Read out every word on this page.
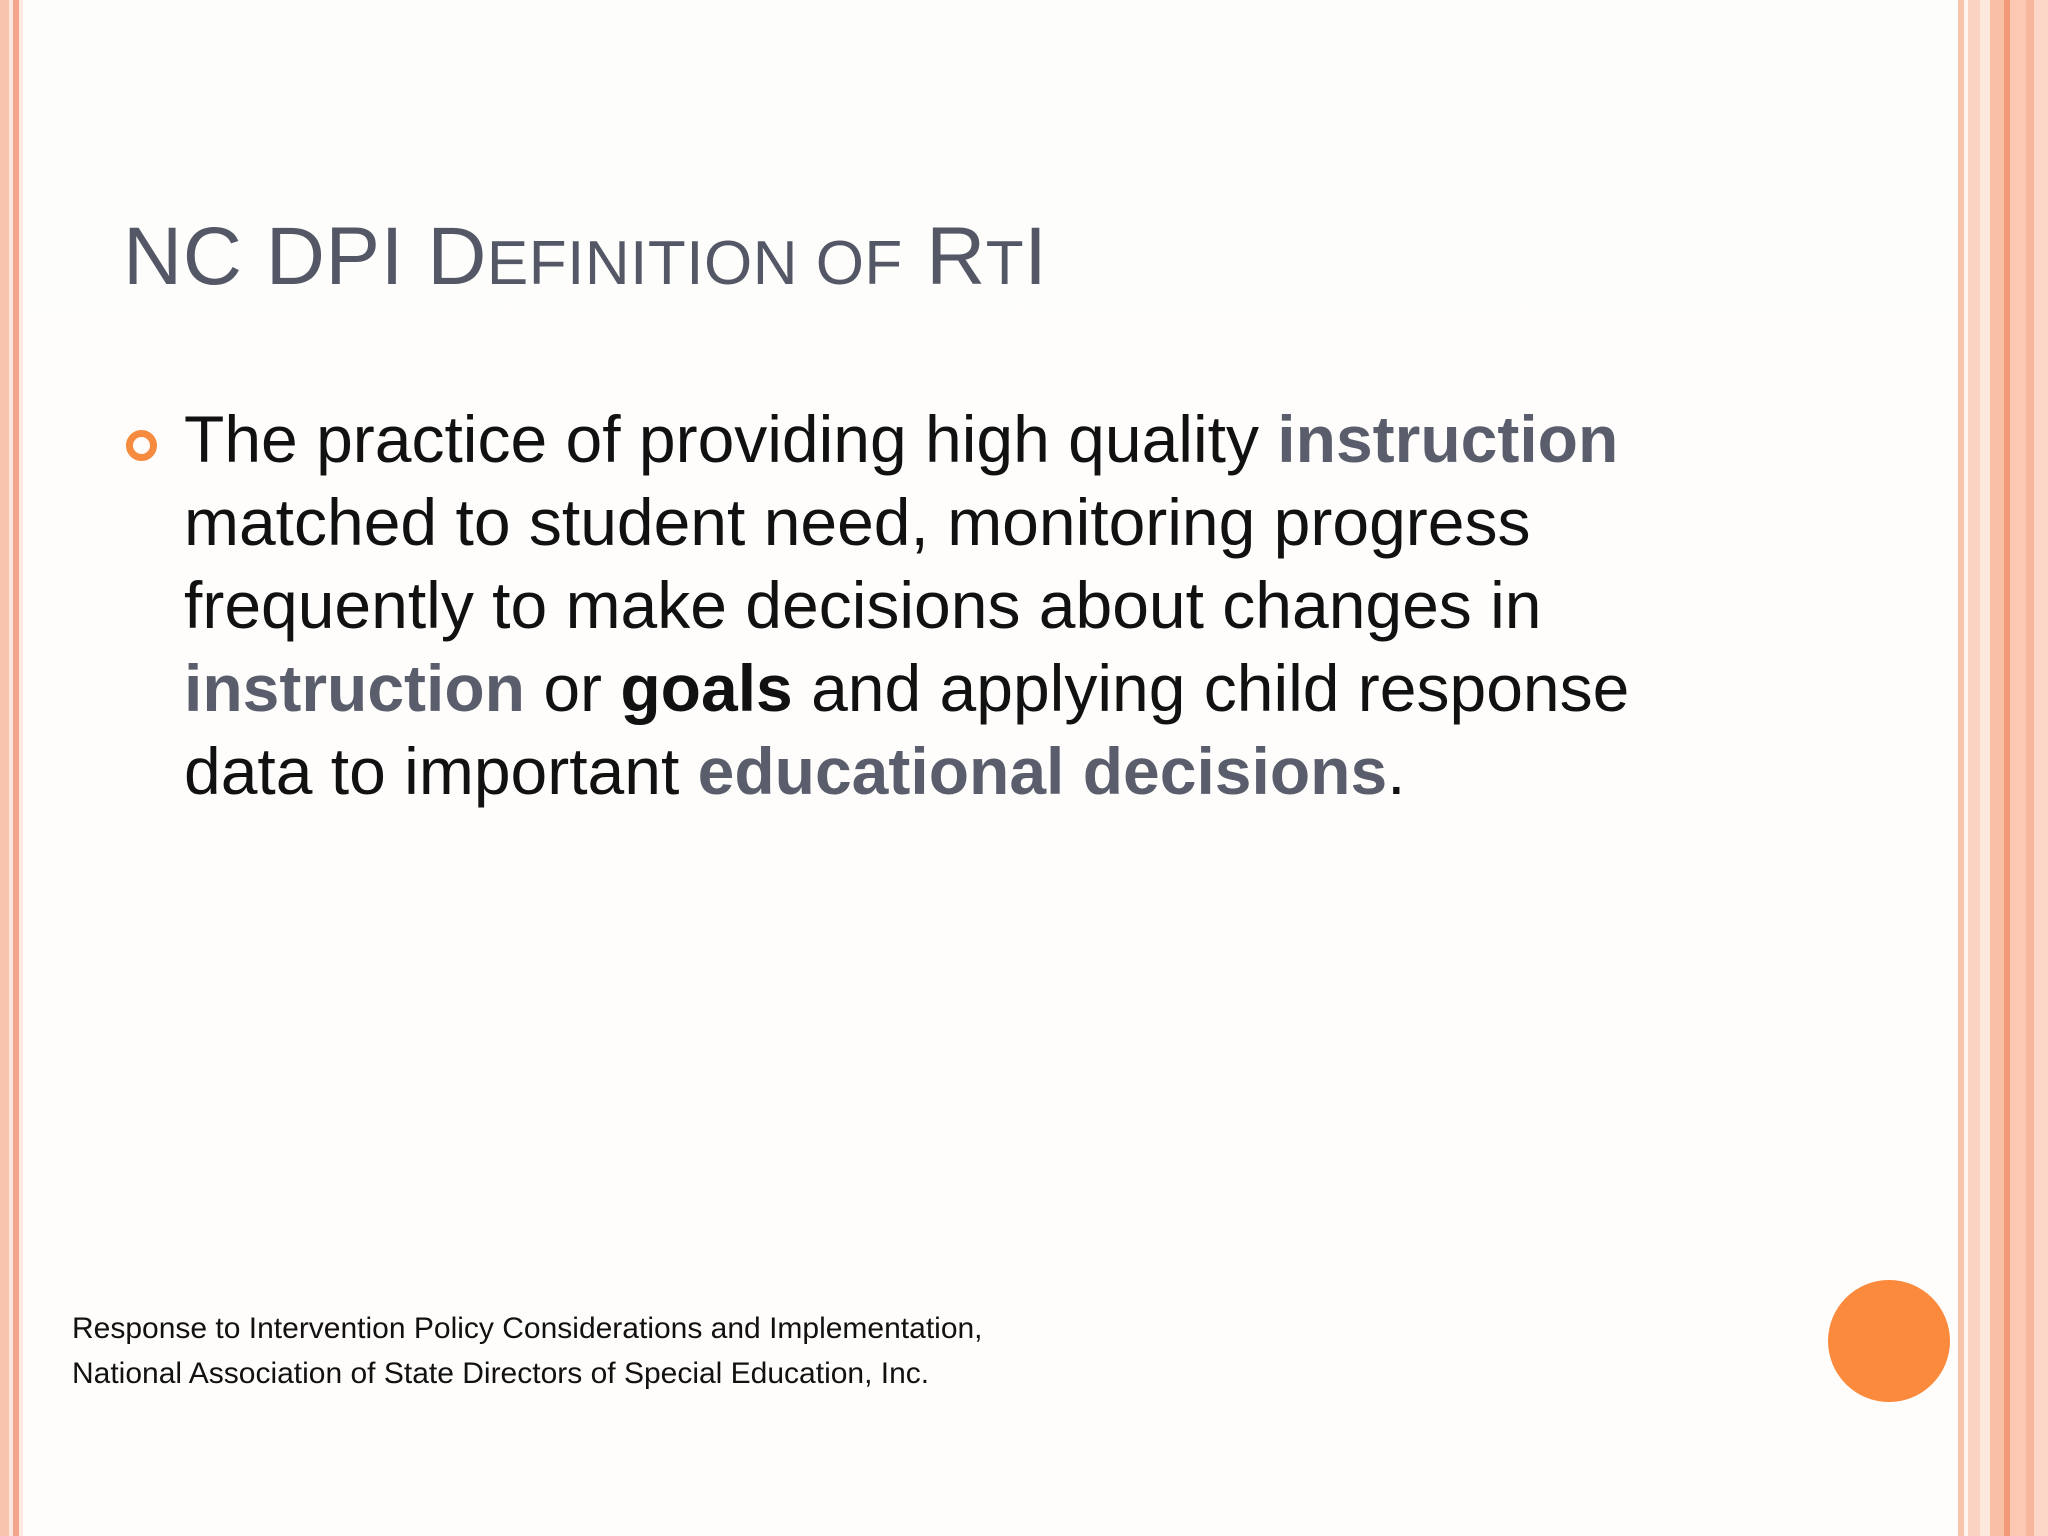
NC DPI DEFINITION OF RTI
The practice of providing high quality instruction matched to student need, monitoring progress frequently to make decisions about changes in instruction or goals and applying child response data to important educational decisions.
Response to Intervention Policy Considerations and Implementation,
National Association of State Directors of Special Education, Inc.
